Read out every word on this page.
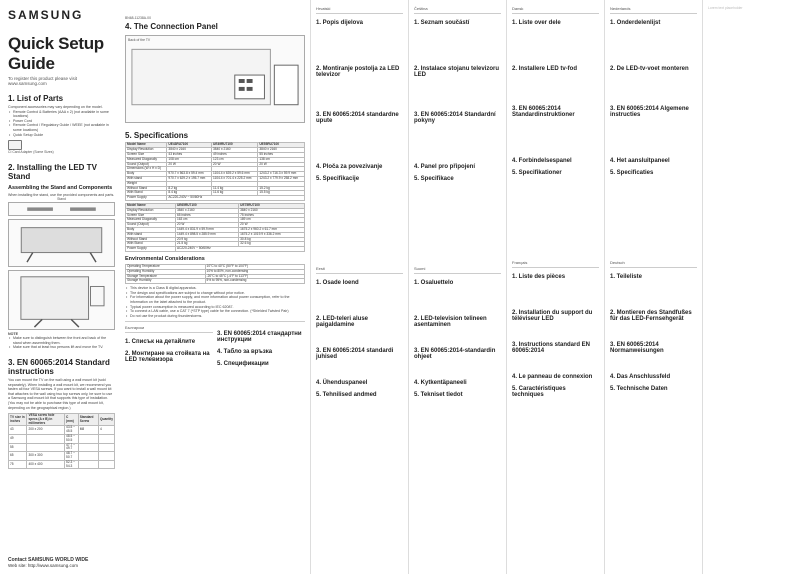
SAMSUNG
Quick Setup Guide
To register this product please visit www.samsung.com
1. List of Parts
Component accessories may vary depending on the model.
• Remote Control & Batteries (AAA x 2) (not available in some locations)
• Power Cord
• Remote Control / Regulatory Guide / WEEE (not available in some locations)
• Quick Setup Guide
CI Card Adapter (Some Sizes)
2. Installing the LED TV Stand
Assembling the Stand and Components
When installing the stand, use the provided components and parts.
Stand
NOTE
• Make sure to distinguish between the front and back of the stand when assembling them.
• Make sure that at least two persons lift and move the TV.
3. EN 60065:2014 Standard instructions
You can mount the TV on the wall using a wall mount kit (sold separately). When installing a wall mount kit, we recommend you fasten all four VESA screws. If you want to install a wall mount kit that attaches to the wall using two top screws only, be sure to use a Samsung wall mount kit that supports this type of installation. (You may not be able to purchase this type of wall mount kit, depending on the geographical region.)
TV size in inches	VESA screw hole specs (A x B) in millimeters	C (mm)	Standard Screw	Quantity
43	200 x 200	43.5 ~ 45.5	M8	4
49		48.5 ~ 50.5		
55		47.7 ~ 49.7		
65	300 x 300	48.7 ~ 50.7		
75	400 x 400	52.3 ~ 54.3		
Contact SAMSUNG WORLD WIDE
Web site: http://www.samsung.com
BN68-11238A-00
4. The Connection Panel
Back of the TV
5. Specifications
Model Name	UE43RU7100	UE49RU7100	UE55RU7100
Display Resolution	3840 x 2160	3840 x 2160	3840 x 2160
Screen Size	43 inches	49 inches	55 inches
Measured Diagonally	108 cm	123 cm	138 cm
Sound (Output)	20 W	20 W	20 W
Dimensions (W x H x D)			
Body	970.7 x 563.8 x 59.4 mm	1104.4 x 639.2 x 59.6 mm	1243.2 x 716.3 x 59.9 mm
With stand	970.7 x 629.2 x 195.7 mm	1104.4 x 701.4 x 225.2 mm	1243.2 x 779.9 x 258.2 mm
Weight			
Without Stand	8.2 kg	11.4 kg	15.2 kg
With Stand	8.4 kg	11.6 kg	15.5 kg
Power Supply	AC220-240V ~ 50/60Hz		
Model Name	UE65RU7100	UE75RU7100
Display Resolution	3840 x 2160	3840 x 2160
Screen Size	65 inches	75 inches
Measured Diagonally	163 cm	189 cm
Sound (Output)	20 W	20 W
Body	1449.4 x 831.9 x 59.9 mm	1675.2 x 960.2 x 61.7 mm
With stand	1449.4 x 898.5 x 285.9 mm	1675.2 x 1019.9 x 336.2 mm
Without Stand	20.9 kg	30.8 kg
With Stand	21.5 kg	32.6 kg
Power Supply	AC220-240V ~ 50/60Hz	
Environmental Considerations
Operating Temperature	10°C to 40°C (50°F to 104°F)
Operating Humidity	10% to 80%, non-condensing
Storage Temperature	-20°C to 45°C (-4°F to 113°F)
Storage Humidity	5% to 95%, non-condensing
• This device is a Class B digital apparatus.
• The design and specifications are subject to change without prior notice.
• For information about the power supply, and more information about power consumption, refer to the information on the label attached to the product.
• Typical power consumption is measured according to IEC 62087.
• To connect a LAN cable, use a CAT 7 (*STP type) cable for the connection. (*Shielded Twisted Pair)
• Do not use the product during thunderstorms.
Български
1. Списък на детайлите
2. Монтиране на стойката на LED телевизора
3. EN 60065:2014 стандартни инструкции
4. Табло за връзка
5. Спецификации
Hrvatski
1. Popis dijelova
2. Montiranje postolja za LED televizor
3. EN 60065:2014 standardne upute
4. Ploča za povezivanje
5. Specifikacije
Eesti
1. Osade loend
2. LED-teleri aluse paigaldamine
3. EN 60065:2014 standardi juhised
4. Ühenduspaneel
5. Tehnilised andmed
Čeština
1. Seznam součástí
2. Instalace stojanu televizoru LED
3. EN 60065:2014 Standardní pokyny
4. Panel pro připojení
5. Specifikace
Suomi
1. Osaluettelo
2. LED-television telineen asentaminen
3. EN 60065:2014-standardin ohjeet
4. Kytkentäpaneeli
5. Tekniset tiedot
Dansk
1. Liste over dele
2. Installere LED tv-fod
3. EN 60065:2014 Standardinstruktioner
4. Forbindelsespanel
5. Specifikationer
Français
1. Liste des pièces
2. Installation du support du téléviseur LED
3. Instructions standard EN 60065:2014
4. Le panneau de connexion
5. Caractéristiques techniques
Nederlands
1. Onderdelenlijst
2. De LED-tv-voet monteren
3. EN 60065:2014 Algemene instructies
4. Het aansluitpaneel
5. Specificaties
Deutsch
1. Teileliste
2. Montieren des Standfußes für das LED-Fernsehgerät
3. EN 60065:2014 Normanweisungen
4. Das Anschlussfeld
5. Technische Daten
Lorem text placeholder
